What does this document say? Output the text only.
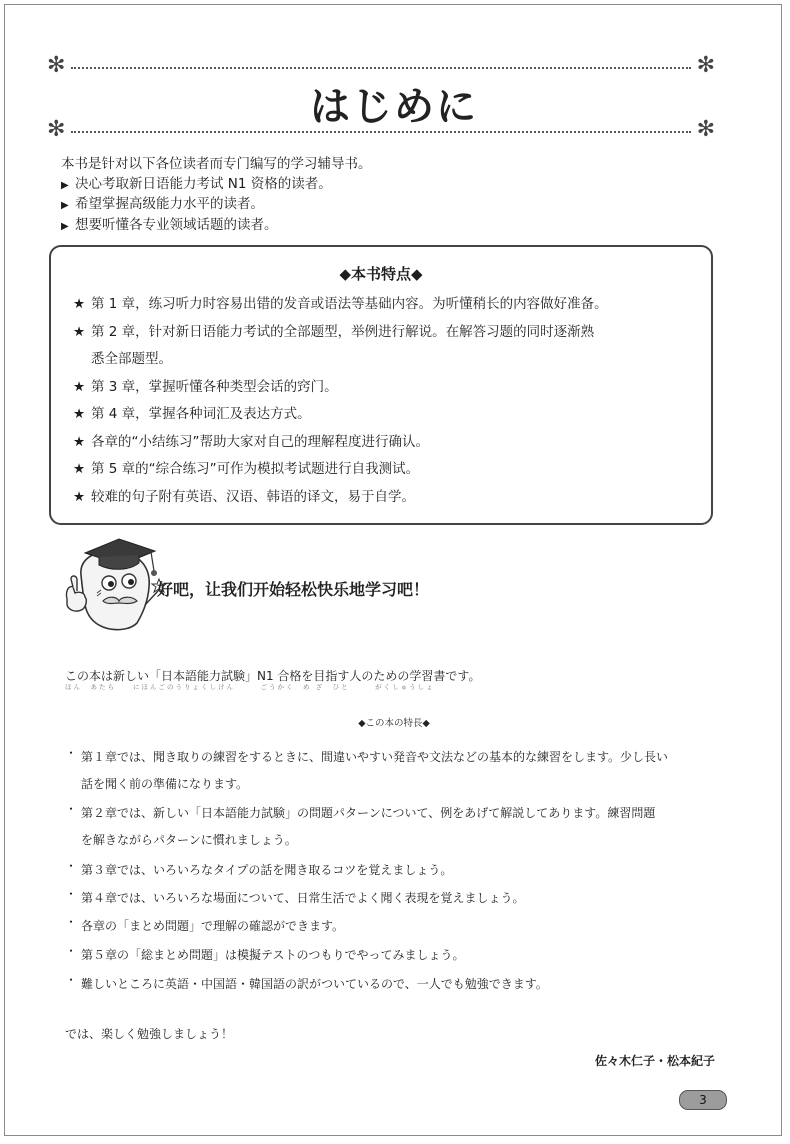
✻	✻
はじめに
✻	✻
本书是针对以下各位读者而专门编写的学习辅导书。
▶ 决心考取新日语能力考试 N1 资格的读者。
▶ 希望掌握高级能力水平的读者。
▶ 想要听懂各专业领域话题的读者。
◆本书特点◆
★ 第 1 章，练习听力时容易出错的发音或语法等基础内容。为听懂稍长的内容做好准备。
★ 第 2 章，针对新日语能力考试的全部题型，举例进行解说。在解答习题的同时逐渐熟
悉全部题型。
★ 第 3 章，掌握听懂各种类型会话的窍门。
★ 第 4 章，掌握各种词汇及表达方式。
★ 各章的“小结练习”帮助大家对自己的理解程度进行确认。
★ 第 5 章的“综合练习”可作为模拟考试题进行自我测试。
★ 较难的句子附有英语、汉语、韩语的译文，易于自学。
好吧，让我们开始轻松快乐地学习吧！
この本は新しい「日本語能力試験」N1 合格を目指す人のための学習書です。
ほん　あたら　　にほんごのうりょくしけん　　　ごうかく　め ざ　ひと　　　がくしゅうしょ
◆この本の特長◆
・ 第１章では、聞き取りの練習をするときに、間違いやすい発音や文法などの基本的な練習をします。少し長い
話を聞く前の準備になります。
・ 第２章では、新しい「日本語能力試験」の問題パターンについて、例をあげて解説してあります。練習問題
を解きながらパターンに慣れましょう。
・ 第３章では、いろいろなタイプの話を聞き取るコツを覚えましょう。
・ 第４章では、いろいろな場面について、日常生活でよく聞く表現を覚えましょう。
・ 各章の「まとめ問題」で理解の確認ができます。
・ 第５章の「総まとめ問題」は模擬テストのつもりでやってみましょう。
・ 難しいところに英語・中国語・韓国語の訳がついているので、一人でも勉強できます。
では、楽しく勉強しましょう！
佐々木仁子・松本紀子
3
